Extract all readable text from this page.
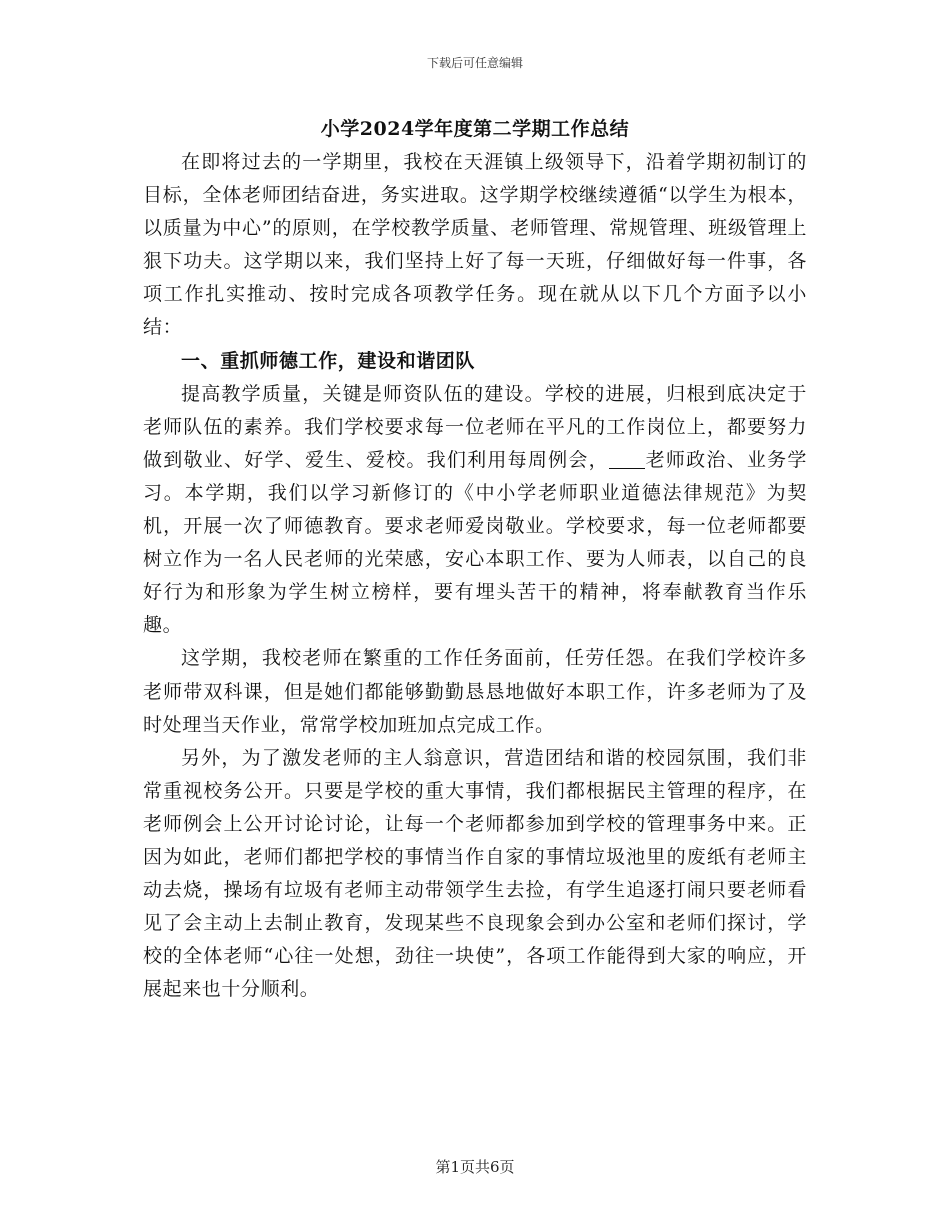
下载后可任意编辑
小学2024学年度第二学期工作总结

在即将过去的一学期里，我校在天涯镇上级领导下，沿着学期初制订的目标，全体老师团结奋进，务实进取。这学期学校继续遵循“以学生为根本，以质量为中心”的原则，在学校教学质量、老师管理、常规管理、班级管理上狠下功夫。这学期以来，我们坚持上好了每一天班，仔细做好每一件事，各项工作扎实推动、按时完成各项教学任务。现在就从以下几个方面予以小结：

一、重抓师德工作，建设和谐团队

提高教学质量，关键是师资队伍的建设。学校的进展，归根到底决定于老师队伍的素养。我们学校要求每一位老师在平凡的工作岗位上，都要努力做到敬业、好学、爱生、爱校。我们利用每周例会， 老师政治、业务学习。本学期，我们以学习新修订的《中小学老师职业道德法律规范》为契机，开展一次了师德教育。要求老师爱岗敬业。学校要求，每一位老师都要树立作为一名人民老师的光荣感，安心本职工作、要为人师表，以自己的良好行为和形象为学生树立榜样，要有埋头苦干的精神，将奉献教育当作乐趣。

这学期，我校老师在繁重的工作任务面前，任劳任怨。在我们学校许多老师带双科课，但是她们都能够勤勤恳恳地做好本职工作，许多老师为了及时处理当天作业，常常学校加班加点完成工作。

另外，为了激发老师的主人翁意识，营造团结和谐的校园氛围，我们非常重视校务公开。只要是学校的重大事情，我们都根据民主管理的程序，在老师例会上公开讨论讨论，让每一个老师都参加到学校的管理事务中来。正因为如此，老师们都把学校的事情当作自家的事情垃圾池里的废纸有老师主动去烧，操场有垃圾有老师主动带领学生去捡，有学生追逐打闹只要老师看见了会主动上去制止教育，发现某些不良现象会到办公室和老师们探讨，学校的全体老师“心往一处想，劲往一块使”，各项工作能得到大家的响应，开展起来也十分顺利。

第1页共6页
